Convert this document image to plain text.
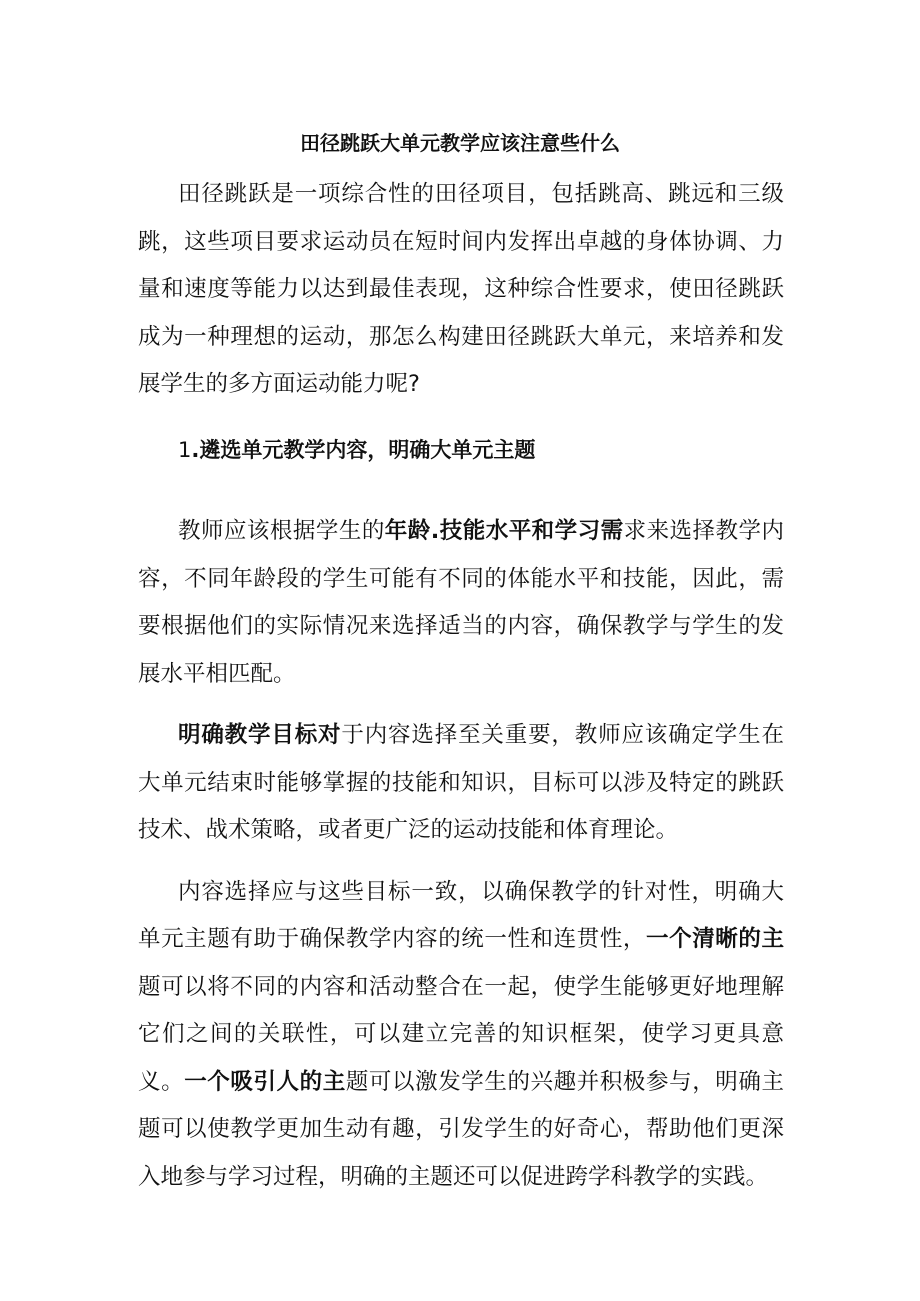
田径跳跃大单元教学应该注意些什么

田径跳跃是一项综合性的田径项目，包括跳高、跳远和三级跳，这些项目要求运动员在短时间内发挥出卓越的身体协调、力量和速度等能力以达到最佳表现，这种综合性要求，使田径跳跃成为一种理想的运动，那怎么构建田径跳跃大单元，来培养和发展学生的多方面运动能力呢?

1.遴选单元教学内容，明确大单元主题

教师应该根据学生的年龄.技能水平和学习需求来选择教学内容，不同年龄段的学生可能有不同的体能水平和技能，因此，需要根据他们的实际情况来选择适当的内容，确保教学与学生的发展水平相匹配。

明确教学目标对于内容选择至关重要，教师应该确定学生在大单元结束时能够掌握的技能和知识，目标可以涉及特定的跳跃技术、战术策略，或者更广泛的运动技能和体育理论。

内容选择应与这些目标一致，以确保教学的针对性，明确大单元主题有助于确保教学内容的统一性和连贯性，一个清晰的主题可以将不同的内容和活动整合在一起，使学生能够更好地理解它们之间的关联性，可以建立完善的知识框架，使学习更具意义。一个吸引人的主题可以激发学生的兴趣并积极参与，明确主题可以使教学更加生动有趣，引发学生的好奇心，帮助他们更深入地参与学习过程，明确的主题还可以促进跨学科教学的实践。
